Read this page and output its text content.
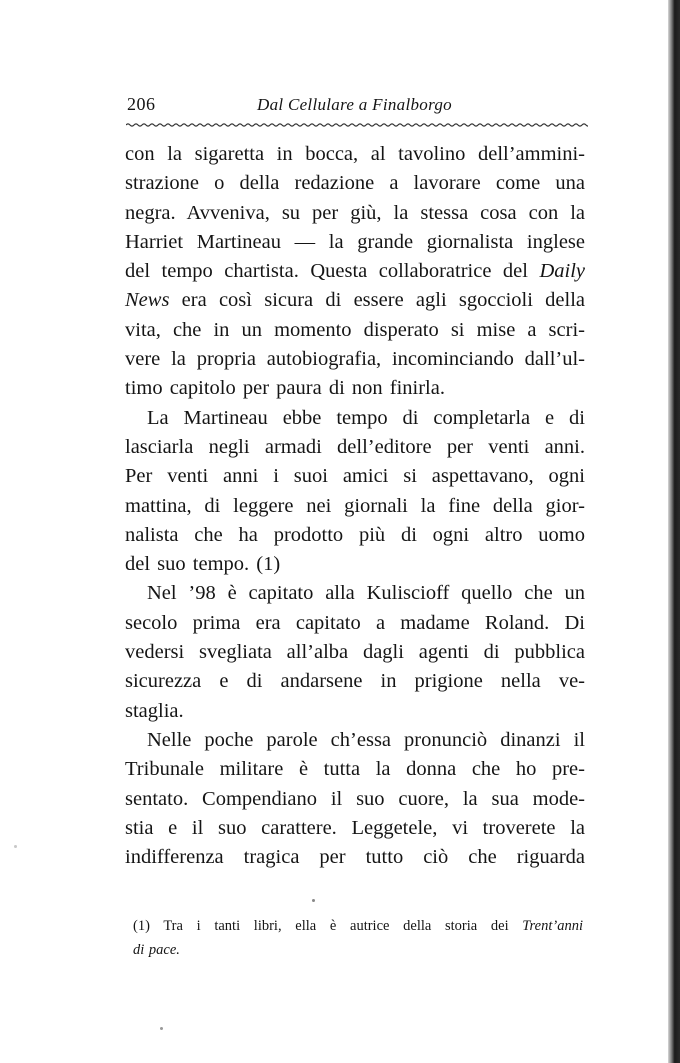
206	Dal Cellulare a Finalborgo
con la sigaretta in bocca, al tavolino dell’ammini-
strazione o della redazione a lavorare come una
negra. Avveniva, su per giù, la stessa cosa con la
Harriet Martineau — la grande giornalista inglese
del tempo chartista. Questa collaboratrice del Daily
News era così sicura di essere agli sgoccioli della
vita, che in un momento disperato si mise a scri-
vere la propria autobiografia, incominciando dall’ul-
timo capitolo per paura di non finirla.
La Martineau ebbe tempo di completarla e di
lasciarla negli armadi dell’editore per venti anni.
Per venti anni i suoi amici si aspettavano, ogni
mattina, di leggere nei giornali la fine della gior-
nalista che ha prodotto più di ogni altro uomo
del suo tempo. (1)
Nel ’98 è capitato alla Kuliscioff quello che un
secolo prima era capitato a madame Roland. Di
vedersi svegliata all’alba dagli agenti di pubblica
sicurezza e di andarsene in prigione nella ve-
staglia.
Nelle poche parole ch’essa pronunciò dinanzi il
Tribunale militare è tutta la donna che ho pre-
sentato. Compendiano il suo cuore, la sua mode-
stia e il suo carattere. Leggetele, vi troverete la
indifferenza tragica per tutto ciò che riguarda
(1) Tra i tanti libri, ella è autrice della storia dei Trent’anni
di pace.
